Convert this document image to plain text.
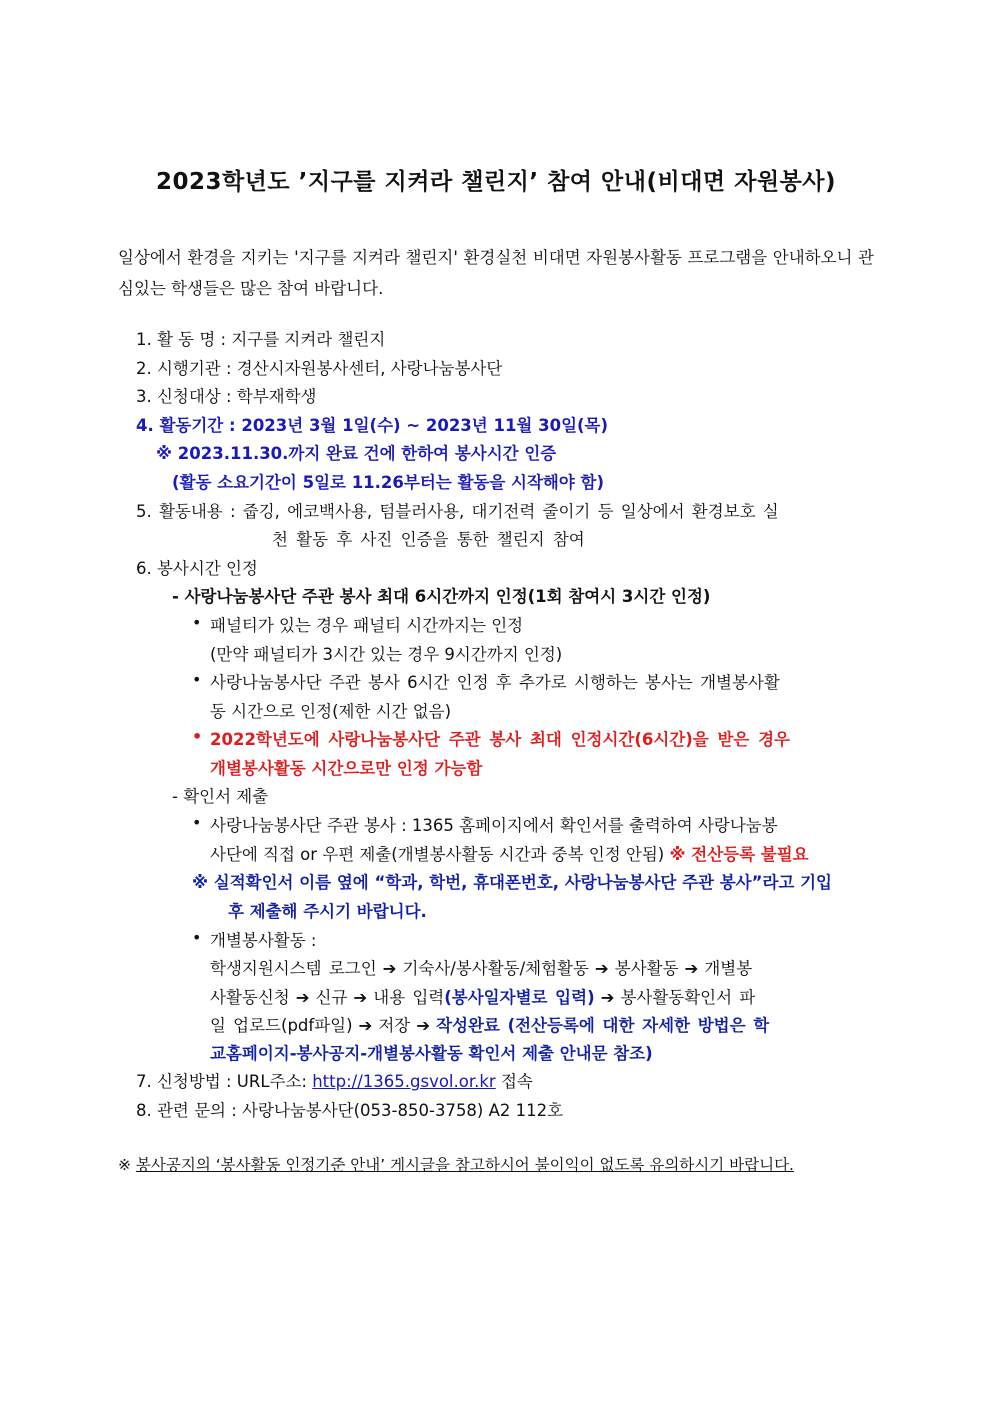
2023학년도 ’지구를 지켜라 챌린지’ 참여 안내(비대면 자원봉사)
일상에서 환경을 지키는 '지구를 지켜라 챌린지' 환경실천 비대면 자원봉사활동 프로그램을 안내하오니 관심있는 학생들은 많은 참여 바랍니다.
1. 활 동 명 : 지구를 지켜라 챌린지
2. 시행기관 : 경산시자원봉사센터, 사랑나눔봉사단
3. 신청대상 : 학부재학생
4. 활동기간 : 2023년 3월 1일(수) ~ 2023년 11월 30일(목)
※ 2023.11.30.까지 완료 건에 한하여 봉사시간 인증
(활동 소요기간이 5일로 11.26부터는 활동을 시작해야 함)
5. 활동내용 : 줍깅, 에코백사용, 텀블러사용, 대기전력 줄이기 등 일상에서 환경보호 실
천 활동 후 사진 인증을 통한 챌린지 참여
6. 봉사시간 인정
- 사랑나눔봉사단 주관 봉사 최대 6시간까지 인정(1회 참여시 3시간 인정)
• 패널티가 있는 경우 패널티 시간까지는 인정
(만약 패널티가 3시간 있는 경우 9시간까지 인정)
• 사랑나눔봉사단 주관 봉사 6시간 인정 후 추가로 시행하는 봉사는 개별봉사활
동 시간으로 인정(제한 시간 없음)
• 2022학년도에 사랑나눔봉사단 주관 봉사 최대 인정시간(6시간)을 받은 경우
개별봉사활동 시간으로만 인정 가능함
- 확인서 제출
• 사랑나눔봉사단 주관 봉사 : 1365 홈페이지에서 확인서를 출력하여 사랑나눔봉
사단에 직접 or 우편 제출(개별봉사활동 시간과 중복 인정 안됨) ※ 전산등록 불필요
※ 실적확인서 이름 옆에 “학과, 학번, 휴대폰번호, 사랑나눔봉사단 주관 봉사”라고 기입
후 제출해 주시기 바랍니다.
• 개별봉사활동 :
학생지원시스템 로그인 ➔ 기숙사/봉사활동/체험활동 ➔ 봉사활동 ➔ 개별봉
사활동신청 ➔ 신규 ➔ 내용 입력(봉사일자별로 입력) ➔ 봉사활동확인서 파
일 업로드(pdf파일) ➔ 저장 ➔ 작성완료 (전산등록에 대한 자세한 방법은 학
교홈페이지-봉사공지-개별봉사활동 확인서 제출 안내문 참조)
7. 신청방법 : URL주소: http://1365.gsvol.or.kr 접속
8. 관련 문의 : 사랑나눔봉사단(053-850-3758) A2 112호
※ 봉사공지의 ‘봉사활동 인정기준 안내’ 게시글을 참고하시어 불이익이 없도록 유의하시기 바랍니다.
